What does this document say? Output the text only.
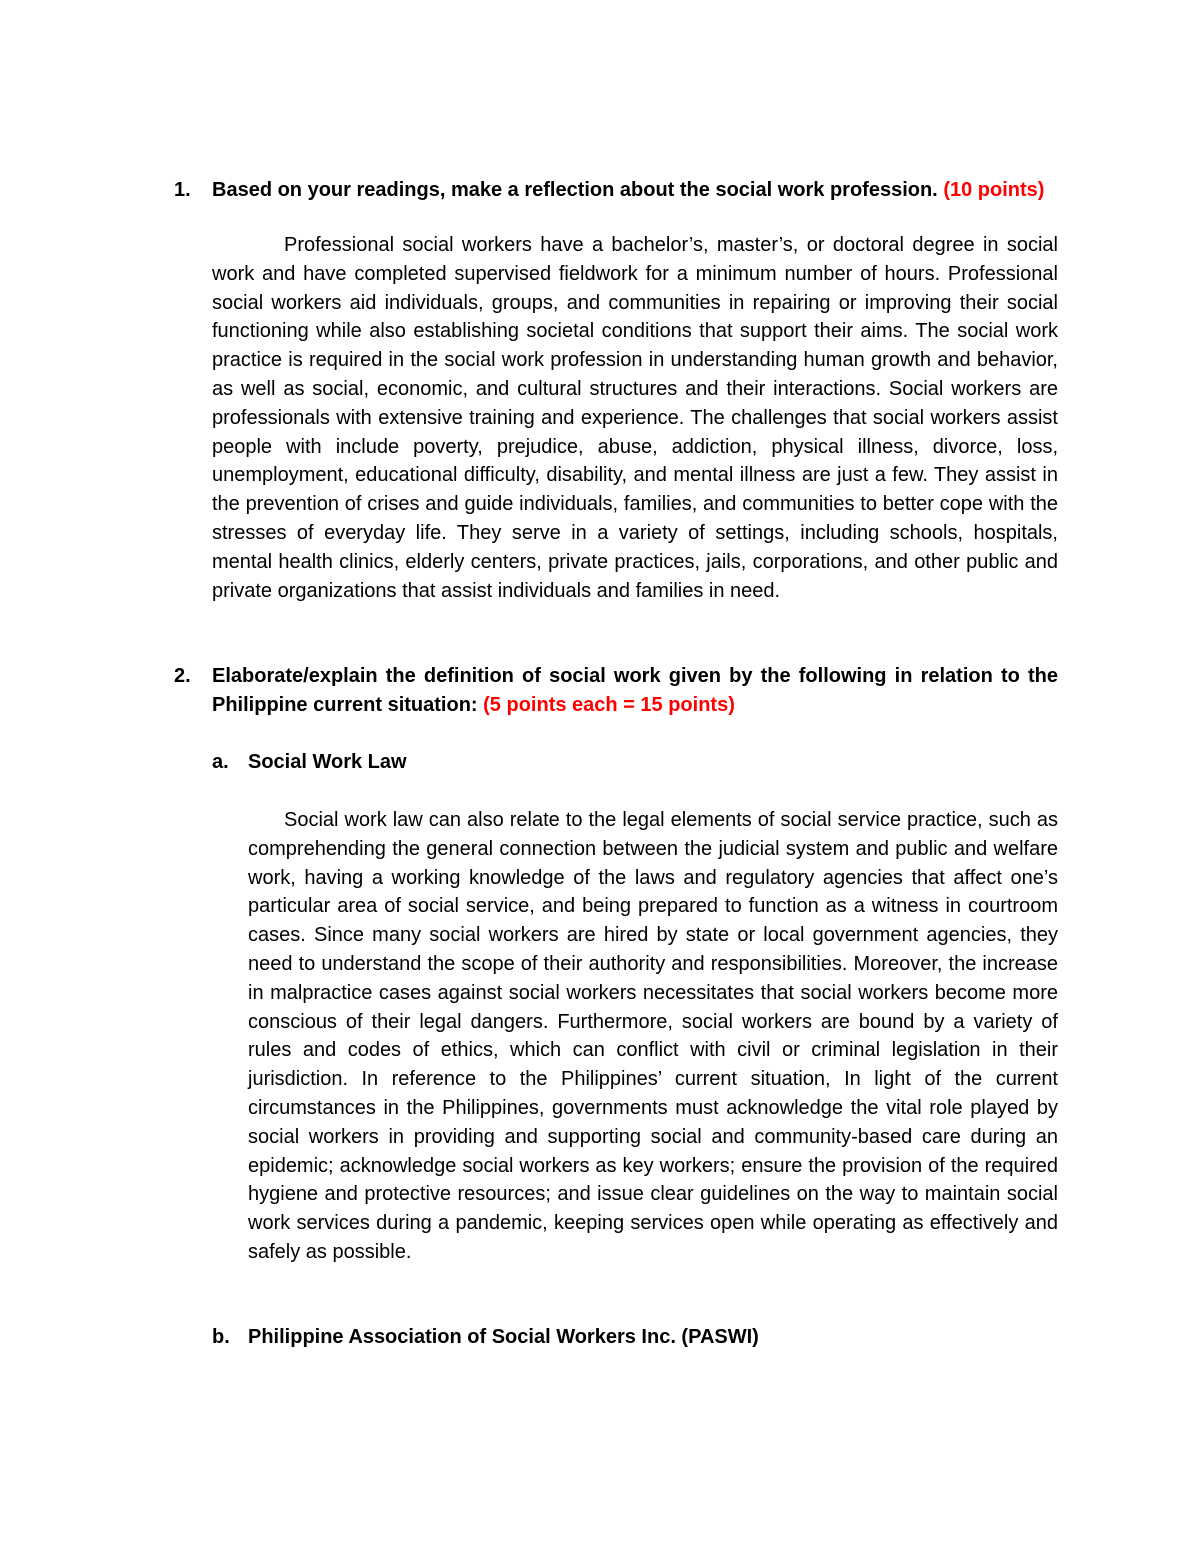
1.	Based on your readings, make a reflection about the social work profession. (10 points)
Professional social workers have a bachelor’s, master’s, or doctoral degree in social work and have completed supervised fieldwork for a minimum number of hours. Professional social workers aid individuals, groups, and communities in repairing or improving their social functioning while also establishing societal conditions that support their aims. The social work practice is required in the social work profession in understanding human growth and behavior, as well as social, economic, and cultural structures and their interactions. Social workers are professionals with extensive training and experience. The challenges that social workers assist people with include poverty, prejudice, abuse, addiction, physical illness, divorce, loss, unemployment, educational difficulty, disability, and mental illness are just a few. They assist in the prevention of crises and guide individuals, families, and communities to better cope with the stresses of everyday life. They serve in a variety of settings, including schools, hospitals, mental health clinics, elderly centers, private practices, jails, corporations, and other public and private organizations that assist individuals and families in need.
2.	Elaborate/explain the definition of social work given by the following in relation to the Philippine current situation: (5 points each = 15 points)
a. Social Work Law
Social work law can also relate to the legal elements of social service practice, such as comprehending the general connection between the judicial system and public and welfare work, having a working knowledge of the laws and regulatory agencies that affect one’s particular area of social service, and being prepared to function as a witness in courtroom cases. Since many social workers are hired by state or local government agencies, they need to understand the scope of their authority and responsibilities. Moreover, the increase in malpractice cases against social workers necessitates that social workers become more conscious of their legal dangers. Furthermore, social workers are bound by a variety of rules and codes of ethics, which can conflict with civil or criminal legislation in their jurisdiction. In reference to the Philippines’ current situation, In light of the current circumstances in the Philippines, governments must acknowledge the vital role played by social workers in providing and supporting social and community-based care during an epidemic; acknowledge social workers as key workers; ensure the provision of the required hygiene and protective resources; and issue clear guidelines on the way to maintain social work services during a pandemic, keeping services open while operating as effectively and safely as possible.
b. Philippine Association of Social Workers Inc. (PASWI)
